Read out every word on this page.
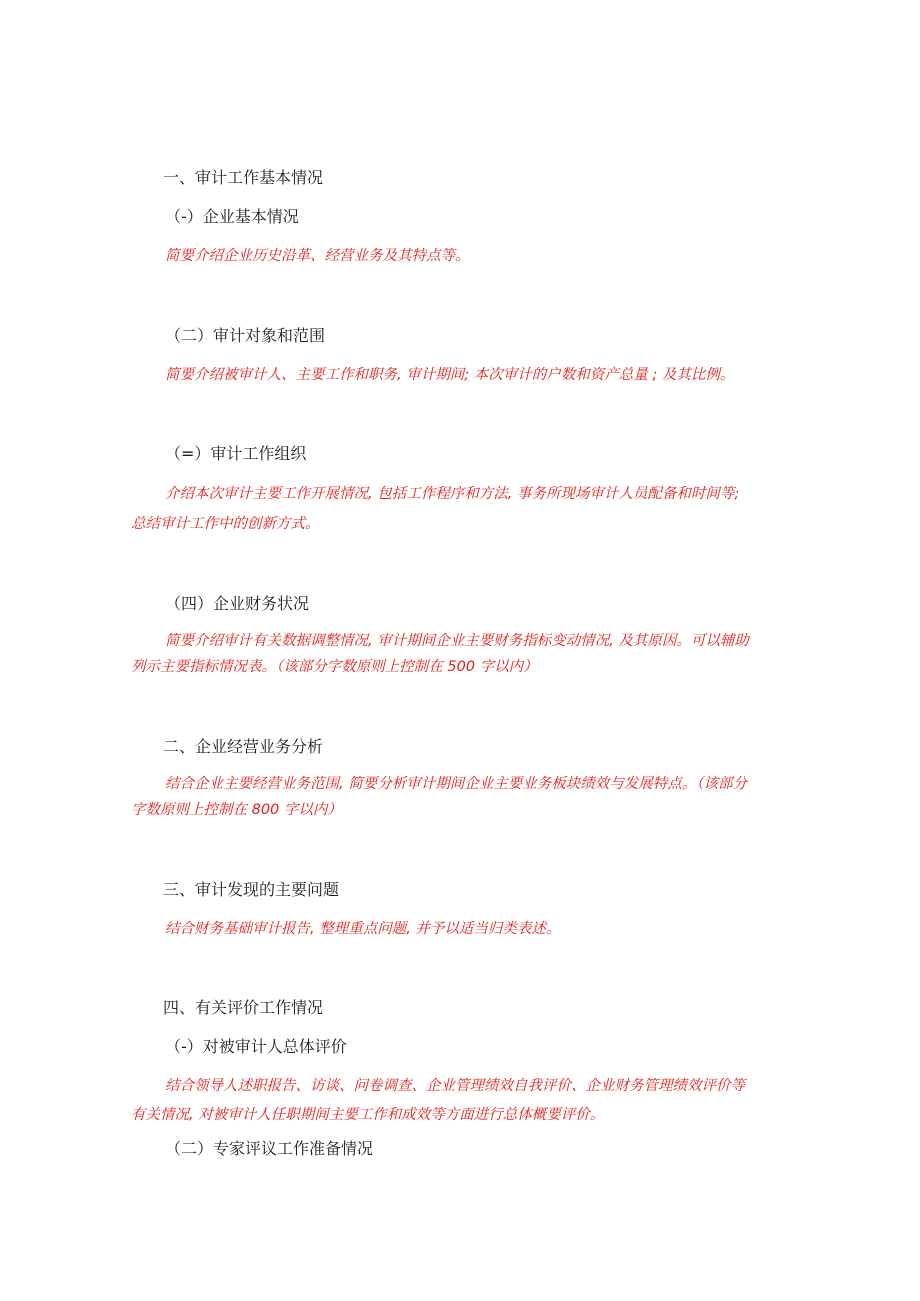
一、审计工作基本情况
（-）企业基本情况
简要介绍企业历史沿革、经营业务及其特点等。
（二）审计对象和范围
简要介绍被审计人、主要工作和职务, 审计期间; 本次审计的户数和资产总量 ; 及其比例。
（=）审计工作组织
介绍本次审计主要工作开展情况, 包括工作程序和方法, 事务所现场审计人员配备和时间等;
总结审计工作中的创新方式。
（四）企业财务状况
简要介绍审计有关数据调整情况, 审计期间企业主要财务指标变动情况, 及其原因。可以辅助
列示主要指标情况表。（该部分字数原则上控制在 500 字以内）
二、企业经营业务分析
结合企业主要经营业务范围, 简要分析审计期间企业主要业务板块绩效与发展特点。（该部分
字数原则上控制在 800 字以内）
三、审计发现的主要问题
结合财务基础审计报告, 整理重点问题, 并予以适当归类表述。
四、有关评价工作情况
（-）对被审计人总体评价
结合领导人述职报告、访谈、问卷调查、企业管理绩效自我评价、企业财务管理绩效评价等
有关情况, 对被审计人任职期间主要工作和成效等方面进行总体概要评价。
（二）专家评议工作准备情况
